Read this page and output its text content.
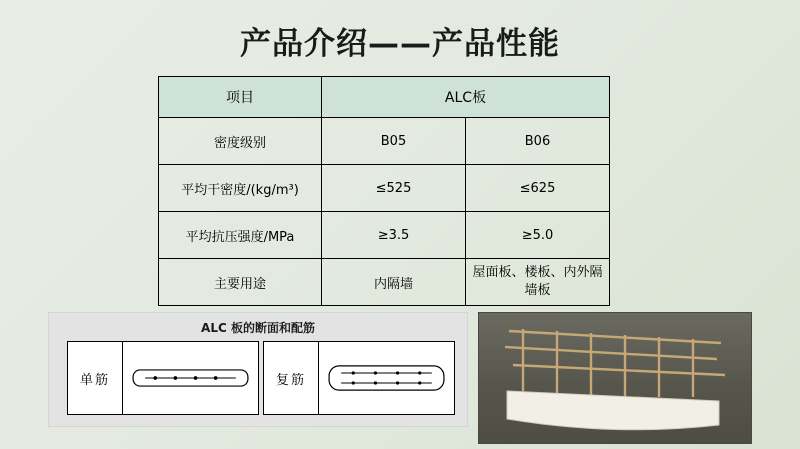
产品介绍——产品性能
项目	ALC板	
密度级别	B05	B06
平均干密度/(kg/m³)	≤525	≤625
平均抗压强度/MPa	≥3.5	≥5.0
主要用途	内隔墙	屋面板、楼板、内外隔墙板
ALC 板的断面和配筋
单筋	复筋
